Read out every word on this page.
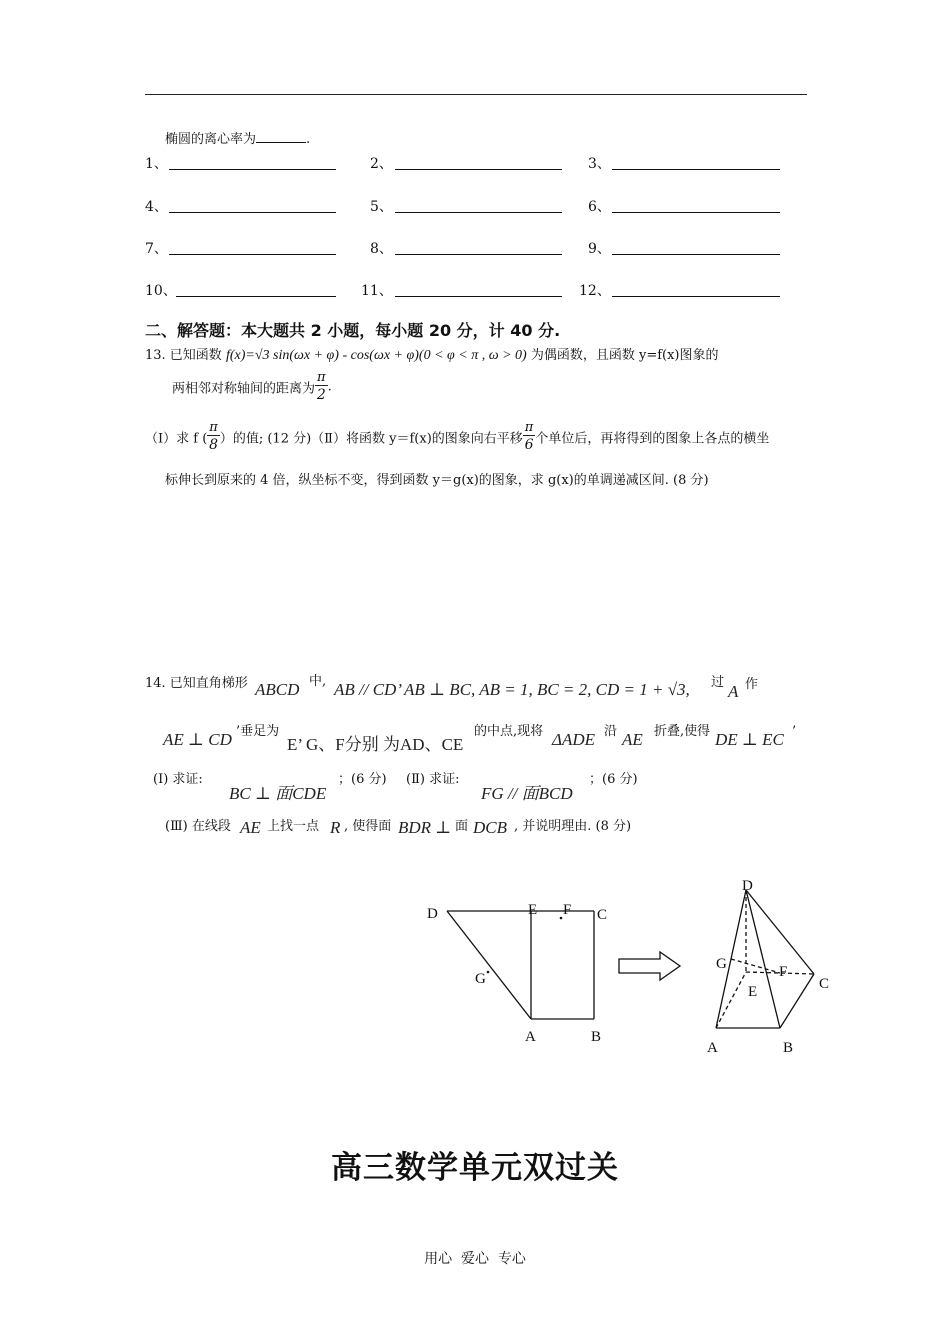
椭圆的离心率为	.
1、	2、	3、
4、	5、	6、
7、	8、	9、
10、	11、	12、
二、解答题：本大题共 2 小题，每小题 20 分，计 40 分.
13. 已知函数 f(x)=√3 sin(ωx + φ) - cos(ωx + φ)(0 < φ < π , ω > 0) 为偶函数，且函数 y=f(x)图象的
两相邻对称轴间的距离为 $\frac{\pi}{2}$ .
（Ⅰ）求 f ( $\frac{\pi}{8}$ ）的值; (12 分)（Ⅱ）将函数 y＝f(x)的图象向右平移 $\frac{\pi}{6}$ 个单位后，再将得到的图象上各点的横坐
标伸长到原来的 4 倍，纵坐标不变，得到函数 y＝g(x)的图象，求 g(x)的单调递减区间. (8 分)
14. 已知直角梯形 ABCD 中, AB // CD’ AB ⊥ BC, AB = 1, BC = 2, CD = 1 + √3, 过 A 作
AE ⊥ CD ’垂足为
E’ G、F分别 为AD、CE
的中点,现将 ΔADE 沿 AE 折叠,使得 DE ⊥ EC ’
(Ⅰ) 求证:
BC ⊥ 面CDE
；(6 分) (Ⅱ) 求证:
FG // 面BCD
；(6 分)
(Ⅲ) 在线段 AE 上找一点 R , 使得面 BDR ⊥ 面 DCB , 并说明理由. (8 分)
D	E F C
G
A	B
D
G	F
E	C
A	B
高三数学单元双过关
用心  爱心  专心
